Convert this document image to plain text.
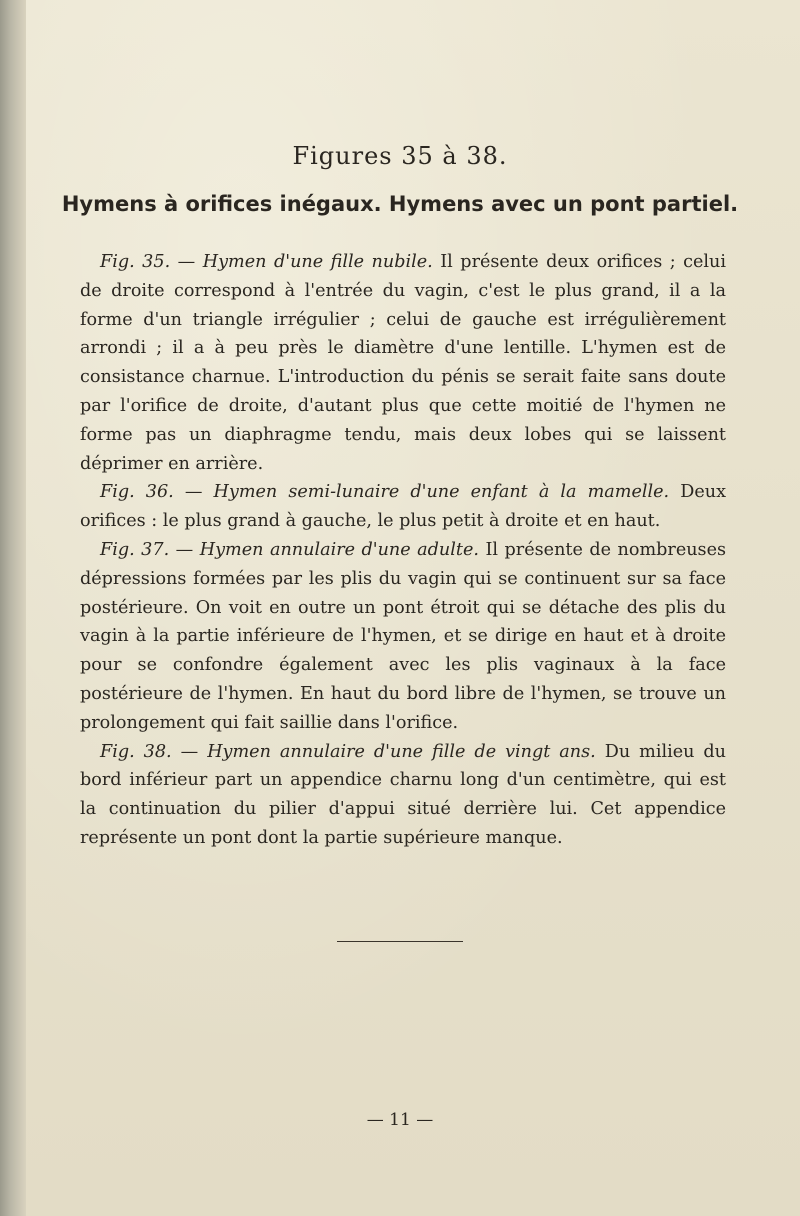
Figures 35 à 38.
Hymens à orifices inégaux. Hymens avec un pont partiel.

Fig. 35. — Hymen d'une fille nubile. Il présente deux orifices ; celui de droite correspond à l'entrée du vagin, c'est le plus grand, il a la forme d'un triangle irrégulier ; celui de gauche est irrégulièrement arrondi ; il a à peu près le diamètre d'une lentille. L'hymen est de consistance charnue. L'introduction du pénis se serait faite sans doute par l'orifice de droite, d'autant plus que cette moitié de l'hymen ne forme pas un diaphragme tendu, mais deux lobes qui se laissent déprimer en arrière.

Fig. 36. — Hymen semi-lunaire d'une enfant à la mamelle. Deux orifices : le plus grand à gauche, le plus petit à droite et en haut.

Fig. 37. — Hymen annulaire d'une adulte. Il présente de nombreuses dépressions formées par les plis du vagin qui se continuent sur sa face postérieure. On voit en outre un pont étroit qui se détache des plis du vagin à la partie inférieure de l'hymen, et se dirige en haut et à droite pour se confondre également avec les plis vaginaux à la face postérieure de l'hymen. En haut du bord libre de l'hymen, se trouve un prolongement qui fait saillie dans l'orifice.

Fig. 38. — Hymen annulaire d'une fille de vingt ans. Du milieu du bord inférieur part un appendice charnu long d'un centimètre, qui est la continuation du pilier d'appui situé derrière lui. Cet appendice représente un pont dont la partie supérieure manque.

— 11 —
